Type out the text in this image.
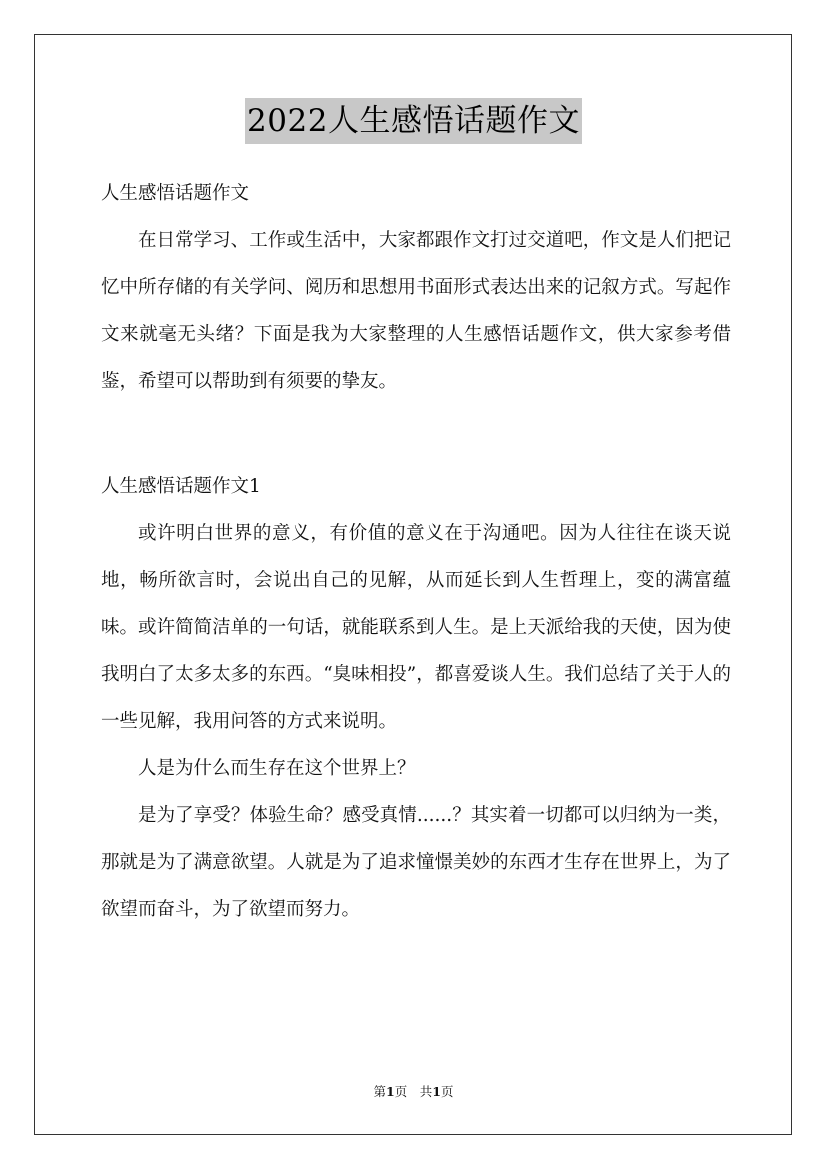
2022人生感悟话题作文

人生感悟话题作文

在日常学习、工作或生活中，大家都跟作文打过交道吧，作文是人们把记忆中所存储的有关学问、阅历和思想用书面形式表达出来的记叙方式。写起作文来就毫无头绪？下面是我为大家整理的人生感悟话题作文，供大家参考借鉴，希望可以帮助到有须要的挚友。

人生感悟话题作文1

或许明白世界的意义，有价值的意义在于沟通吧。因为人往往在谈天说地，畅所欲言时，会说出自己的见解，从而延长到人生哲理上，变的满富蕴味。或许简简洁单的一句话，就能联系到人生。是上天派给我的天使，因为使我明白了太多太多的东西。“臭味相投”，都喜爱谈人生。我们总结了关于人的一些见解，我用问答的方式来说明。

人是为什么而生存在这个世界上？

是为了享受？体验生命？感受真情......？其实着一切都可以归纳为一类，那就是为了满意欲望。人就是为了追求憧憬美妙的东西才生存在世界上，为了欲望而奋斗，为了欲望而努力。

第1页　共1页
